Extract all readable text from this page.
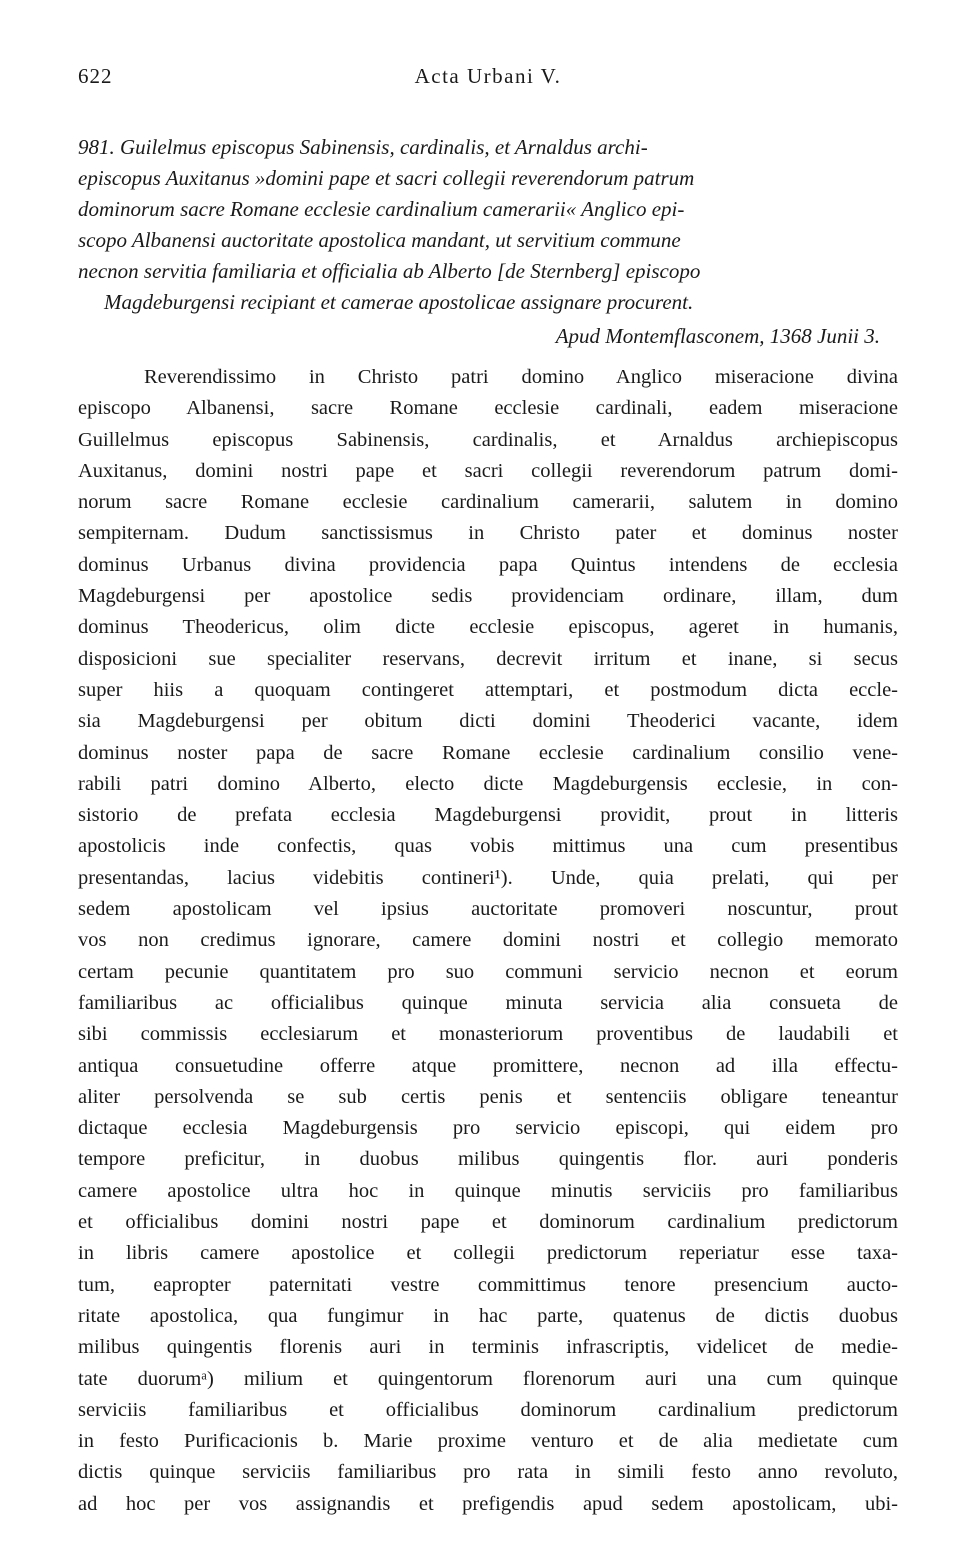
622	Acta Urbani V.
981. Guilelmus episcopus Sabinensis, cardinalis, et Arnaldus archi-
episcopus Auxitanus »domini pape et sacri collegii reverendorum patrum
dominorum sacre Romane ecclesie cardinalium camerarii« Anglico epi-
scopo Albanensi auctoritate apostolica mandant, ut servitium commune
necnon servitia familiaria et officialia ab Alberto [de Sternberg] episcopo
Magdeburgensi recipiant et camerae apostolicae assignare procurent.
Apud Montemflasconem, 1368 Junii 3.
Reverendissimo in Christo patri domino Anglico miseracione divina
episcopo Albanensi, sacre Romane ecclesie cardinali, eadem miseracione
Guillelmus episcopus Sabinensis, cardinalis, et Arnaldus archiepiscopus
Auxitanus, domini nostri pape et sacri collegii reverendorum patrum domi-
norum sacre Romane ecclesie cardinalium camerarii, salutem in domino
sempiternam. Dudum sanctissismus in Christo pater et dominus noster
dominus Urbanus divina providencia papa Quintus intendens de ecclesia
Magdeburgensi per apostolice sedis providenciam ordinare, illam, dum
dominus Theodericus, olim dicte ecclesie episcopus, ageret in humanis,
disposicioni sue specialiter reservans, decrevit irritum et inane, si secus
super hiis a quoquam contingeret attemptari, et postmodum dicta eccle-
sia Magdeburgensi per obitum dicti domini Theoderici vacante, idem
dominus noster papa de sacre Romane ecclesie cardinalium consilio vene-
rabili patri domino Alberto, electo dicte Magdeburgensis ecclesie, in con-
sistorio de prefata ecclesia Magdeburgensi providit, prout in litteris
apostolicis inde confectis, quas vobis mittimus una cum presentibus
presentandas, lacius videbitis contineri¹). Unde, quia prelati, qui per
sedem apostolicam vel ipsius auctoritate promoveri noscuntur, prout
vos non credimus ignorare, camere domini nostri et collegio memorato
certam pecunie quantitatem pro suo communi servicio necnon et eorum
familiaribus ac officialibus quinque minuta servicia alia consueta de
sibi commissis ecclesiarum et monasteriorum proventibus de laudabili et
antiqua consuetudine offerre atque promittere, necnon ad illa effectu-
aliter persolvenda se sub certis penis et sentenciis obligare teneantur
dictaque ecclesia Magdeburgensis pro servicio episcopi, qui eidem pro
tempore preficitur, in duobus milibus quingentis flor. auri ponderis
camere apostolice ultra hoc in quinque minutis serviciis pro familiaribus
et officialibus domini nostri pape et dominorum cardinalium predictorum
in libris camere apostolice et collegii predictorum reperiatur esse taxa-
tum, eapropter paternitati vestre committimus tenore presencium aucto-
ritate apostolica, qua fungimur in hac parte, quatenus de dictis duobus
milibus quingentis florenis auri in terminis infrascriptis, videlicet de medie-
tate duorumᵃ) milium et quingentorum florenorum auri una cum quinque
serviciis familiaribus et officialibus dominorum cardinalium predictorum
in festo Purificacionis b. Marie proxime venturo et de alia medietate cum
dictis quinque serviciis familiaribus pro rata in simili festo anno revoluto,
ad hoc per vos assignandis et prefigendis apud sedem apostolicam, ubi-
